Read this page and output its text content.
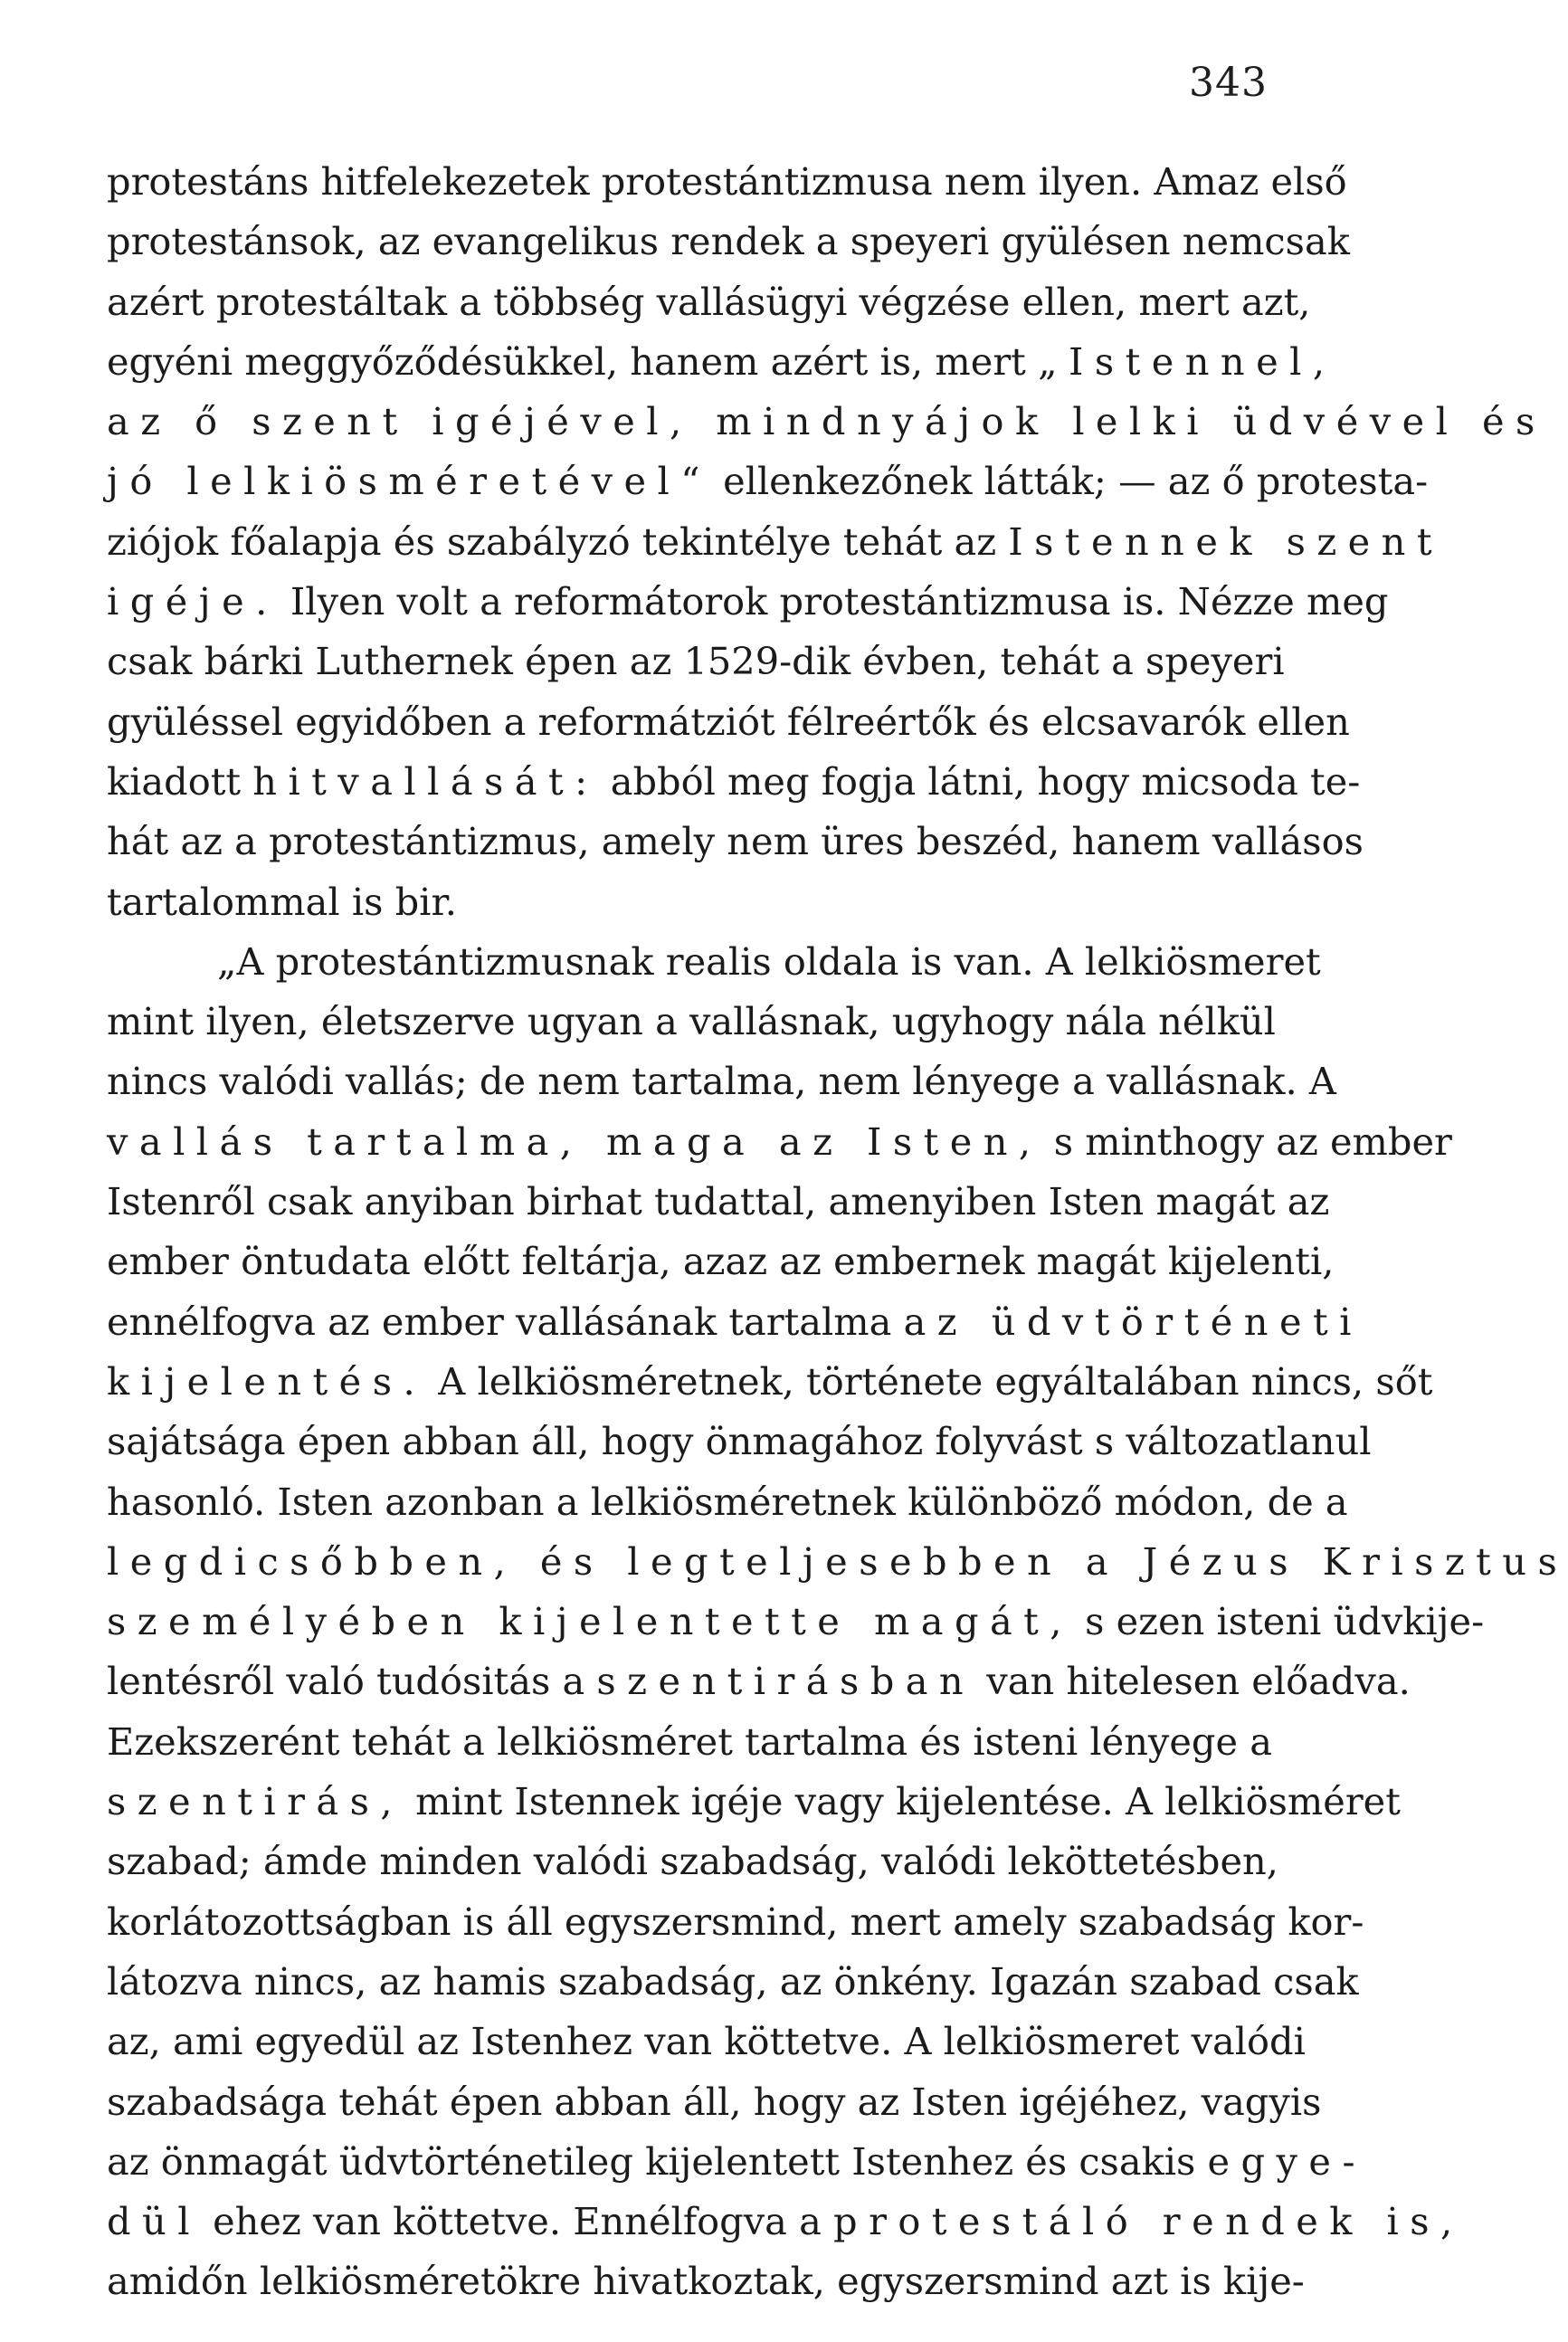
343
protestáns hitfelekezetek protestántizmusa nem ilyen. Amaz első
protestánsok, az evangelikus rendek a speyeri gyülésen nemcsak
azért protestáltak a többség vallásügyi végzése ellen, mert azt,
egyéni meggyőződésükkel, hanem azért is, mert „Istennel,
az ő szent igéjével, mindnyájok lelki üdvével és
jó lelkiösméretével“ ellenkezőnek látták; — az ő protesta-
ziójok főalapja és szabályzó tekintélye tehát az Istennek szent
igéje. Ilyen volt a reformátorok protestántizmusa is. Nézze meg
csak bárki Luthernek épen az 1529-dik évben, tehát a speyeri
gyüléssel egyidőben a reformátziót félreértők és elcsavarók ellen
kiadott hitvallását: abból meg fogja látni, hogy micsoda te-
hát az a protestántizmus, amely nem üres beszéd, hanem vallásos
tartalommal is bir.
„A protestántizmusnak realis oldala is van. A lelkiösmeret
mint ilyen, életszerve ugyan a vallásnak, ugyhogy nála nélkül
nincs valódi vallás; de nem tartalma, nem lényege a vallásnak. A
vallás tartalma, maga az Isten, s minthogy az ember
Istenről csak anyiban birhat tudattal, amenyiben Isten magát az
ember öntudata előtt feltárja, azaz az embernek magát kijelenti,
ennélfogva az ember vallásának tartalma az üdvtörténeti
kijelentés. A lelkiösméretnek, története egyáltalában nincs, sőt
sajátsága épen abban áll, hogy önmagához folyvást s változatlanul
hasonló. Isten azonban a lelkiösméretnek különböző módon, de a
legdicsőbben, és legteljesebben a Jézus Krisztus
személyében kijelentette magát, s ezen isteni üdvkije-
lentésről való tudósitás a szentirásban van hitelesen előadva.
Ezekszerént tehát a lelkiösméret tartalma és isteni lényege a
szentirás, mint Istennek igéje vagy kijelentése. A lelkiösméret
szabad; ámde minden valódi szabadság, valódi leköttetésben,
korlátozottságban is áll egyszersmind, mert amely szabadság kor-
látozva nincs, az hamis szabadság, az önkény. Igazán szabad csak
az, ami egyedül az Istenhez van köttetve. A lelkiösmeret valódi
szabadsága tehát épen abban áll, hogy az Isten igéjéhez, vagyis
az önmagát üdvtörténetileg kijelentett Istenhez és csakis egye-
dül ehez van köttetve. Ennélfogva a protestáló rendek is,
amidőn lelkiösméretökre hivatkoztak, egyszersmind azt is kije-
